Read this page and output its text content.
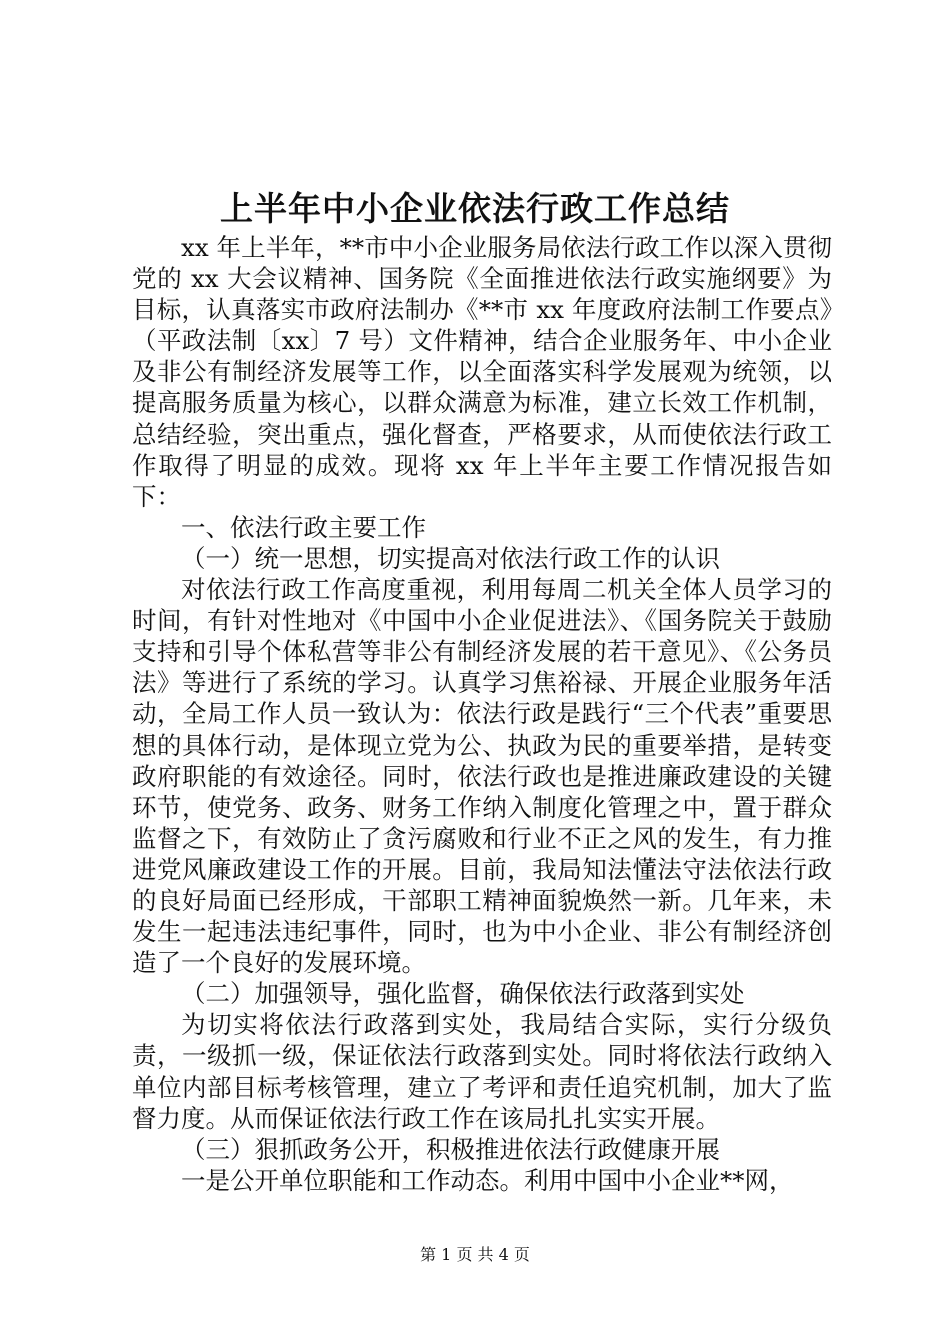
上半年中小企业依法行政工作总结

xx 年上半年，**市中小企业服务局依法行政工作以深入贯彻党的 xx 大会议精神、国务院《全面推进依法行政实施纲要》为目标，认真落实市政府法制办《**市 xx 年度政府法制工作要点》（平政法制〔xx〕7 号）文件精神，结合企业服务年、中小企业及非公有制经济发展等工作，以全面落实科学发展观为统领，以提高服务质量为核心，以群众满意为标准，建立长效工作机制，总结经验，突出重点，强化督查，严格要求，从而使依法行政工作取得了明显的成效。现将 xx 年上半年主要工作情况报告如下：

一、依法行政主要工作

（一）统一思想，切实提高对依法行政工作的认识

对依法行政工作高度重视，利用每周二机关全体人员学习的时间，有针对性地对《中国中小企业促进法》、《国务院关于鼓励支持和引导个体私营等非公有制经济发展的若干意见》、《公务员法》等进行了系统的学习。认真学习焦裕禄、开展企业服务年活动，全局工作人员一致认为：依法行政是践行“三个代表”重要思想的具体行动，是体现立党为公、执政为民的重要举措，是转变政府职能的有效途径。同时，依法行政也是推进廉政建设的关键环节，使党务、政务、财务工作纳入制度化管理之中，置于群众监督之下，有效防止了贪污腐败和行业不正之风的发生，有力推进党风廉政建设工作的开展。目前，我局知法懂法守法依法行政的良好局面已经形成，干部职工精神面貌焕然一新。几年来，未发生一起违法违纪事件，同时，也为中小企业、非公有制经济创造了一个良好的发展环境。

（二）加强领导，强化监督，确保依法行政落到实处

为切实将依法行政落到实处，我局结合实际，实行分级负责，一级抓一级，保证依法行政落到实处。同时将依法行政纳入单位内部目标考核管理，建立了考评和责任追究机制，加大了监督力度。从而保证依法行政工作在该局扎扎实实开展。

（三）狠抓政务公开，积极推进依法行政健康开展

一是公开单位职能和工作动态。利用中国中小企业**网，

第 1 页 共 4 页
